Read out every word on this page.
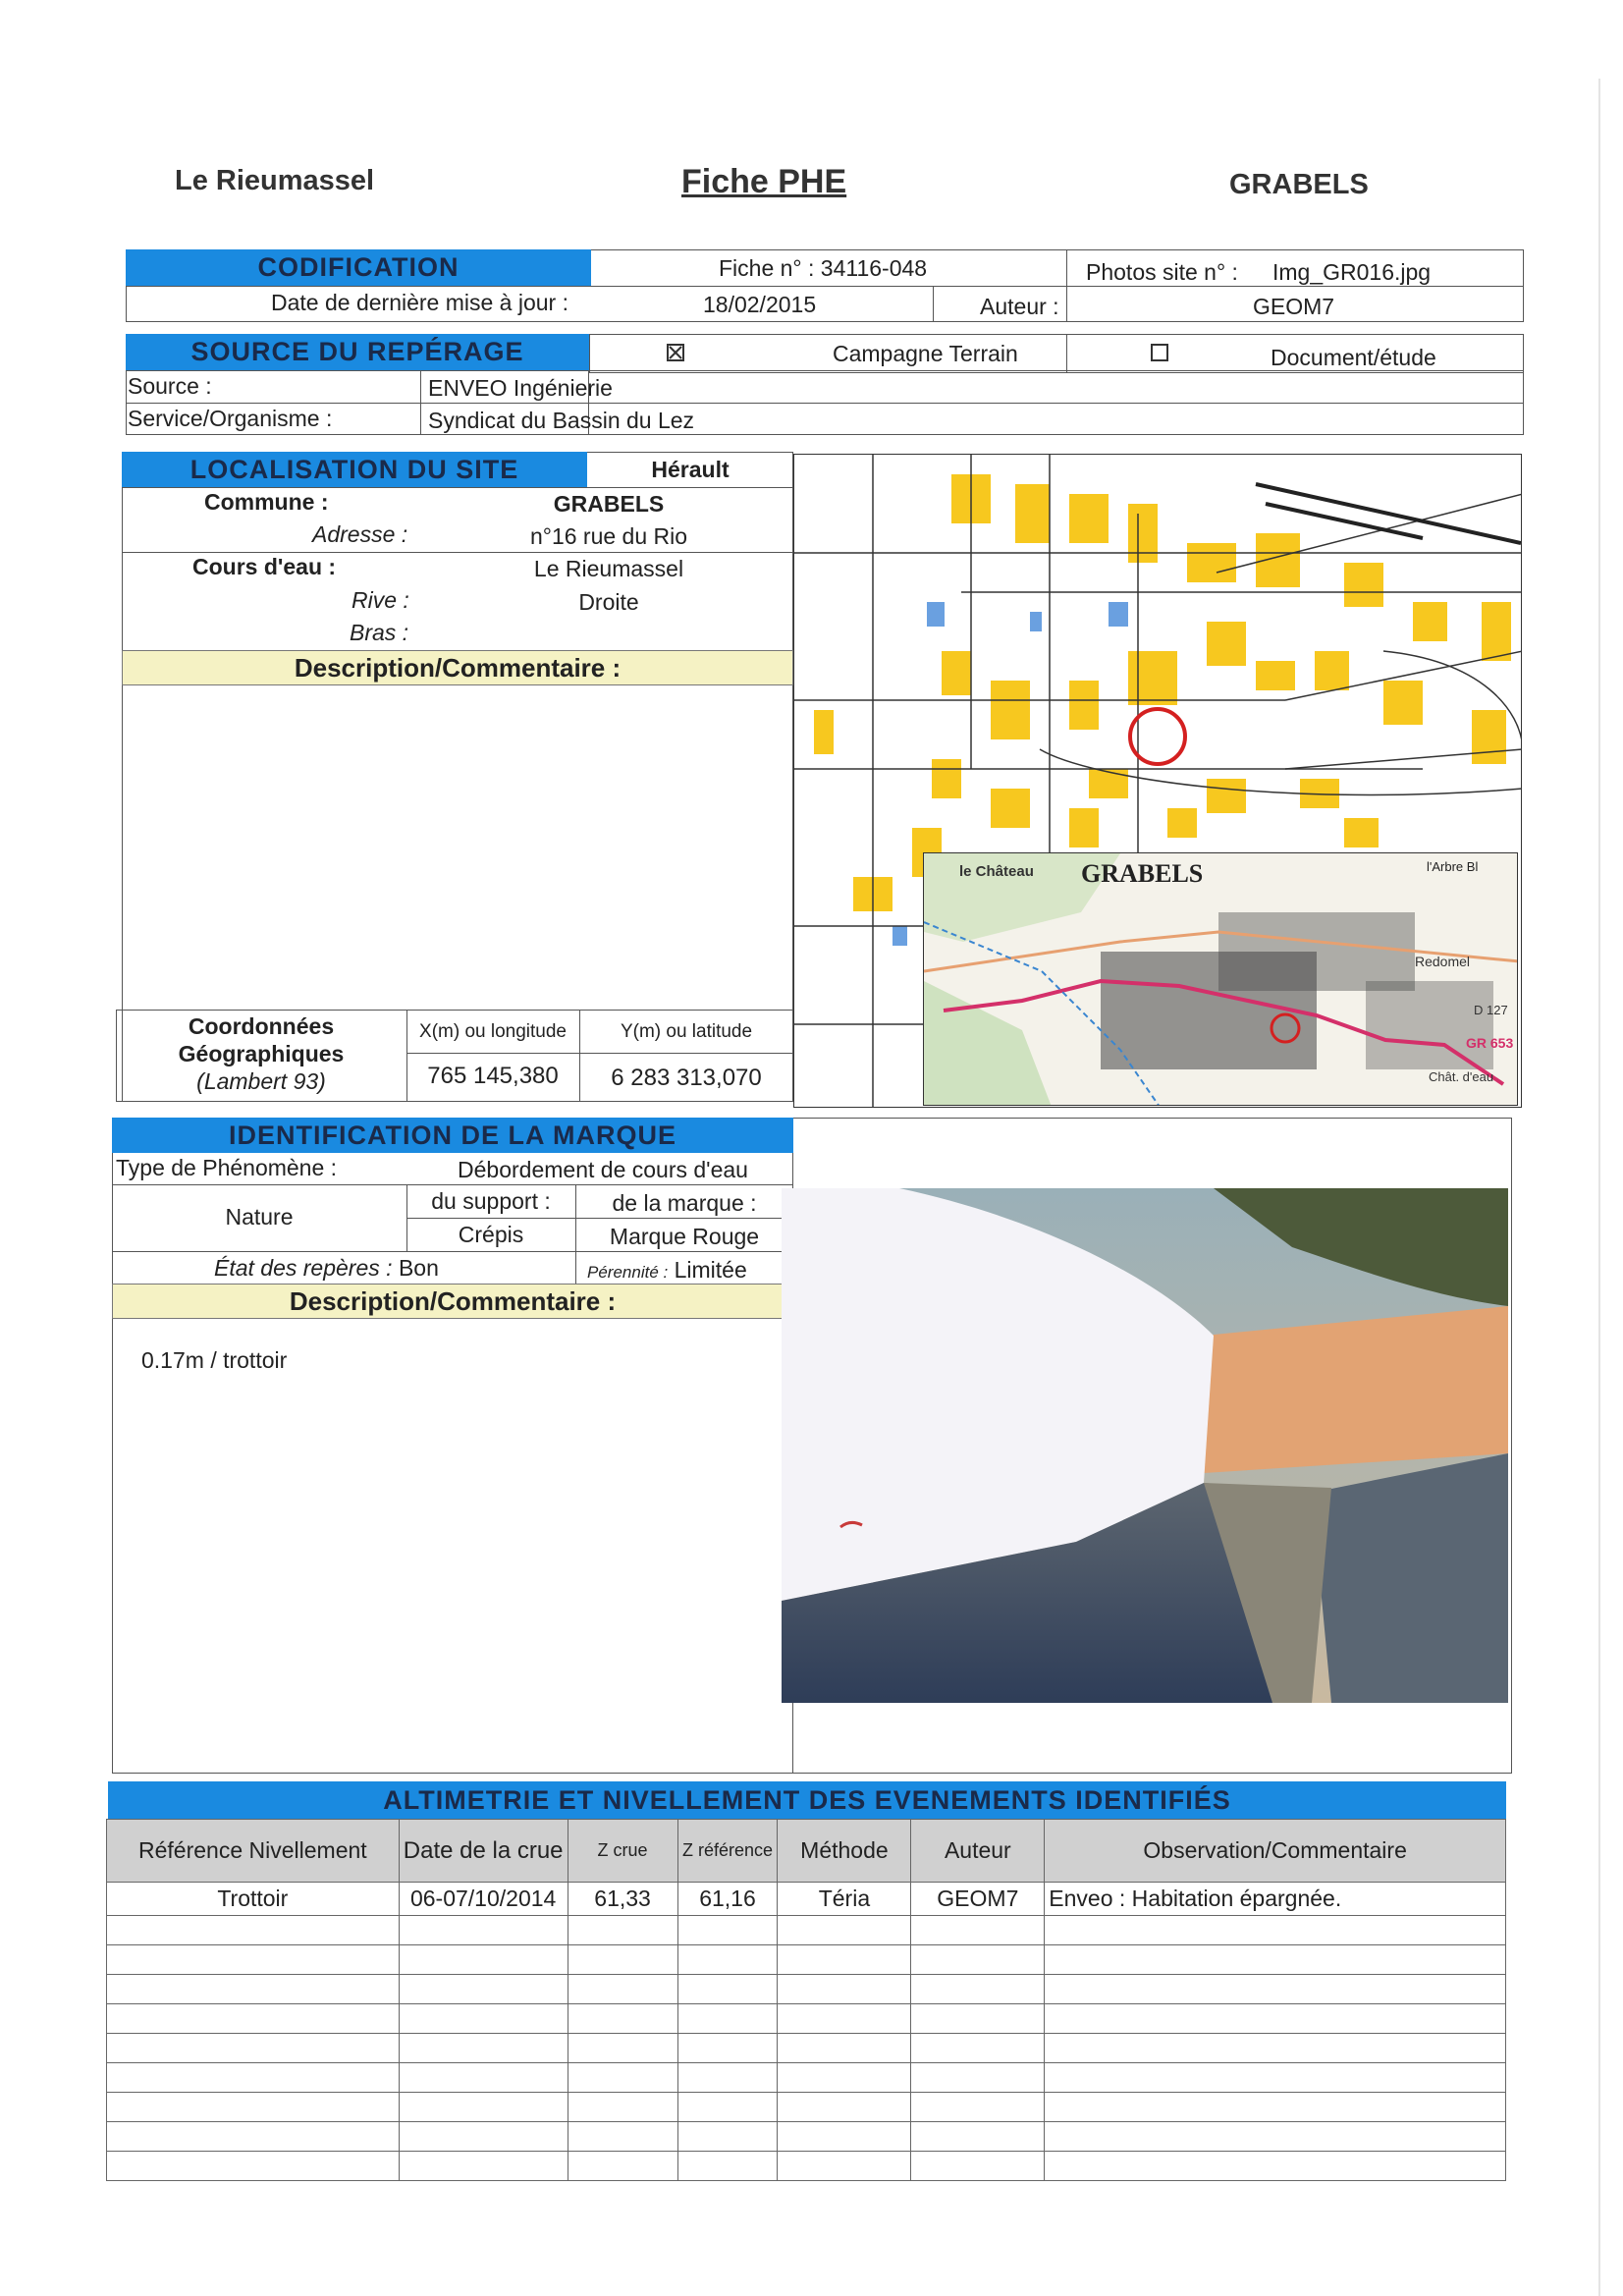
Le Rieumassel	Fiche PHE	GRABELS
CODIFICATION	Fiche n° : 34116-048	Photos site n° : Img_GR016.jpg
Date de dernière mise à jour :	18/02/2015	Auteur :	GEOM7
SOURCE DU REPÉRAGE	Campagne Terrain	Document/étude
Source :	ENVEO Ingénierie
Service/Organisme :	Syndicat du Bassin du Lez
LOCALISATION DU SITE	Hérault
Commune :	GRABELS
Adresse :	n°16 rue du Rio
Cours d'eau :	Le Rieumassel
Rive :	Droite
Bras :
Description/Commentaire :
Coordonnées
Géographiques
(Lambert 93)
X(m) ou longitude	Y(m) ou latitude
765 145,380	6 283 313,070
le Château GRABELS	l'Arbre Bl
Redomel
D 127
GR 653
Chât. d'eau
IDENTIFICATION DE LA MARQUE
Type de Phénomène :	Débordement de cours d'eau
Nature
du support :	de la marque :
Crépis	Marque Rouge
État des repères : Bon	Pérennité : Limitée
Description/Commentaire :
0.17m / trottoir
ALTIMETRIE ET NIVELLEMENT DES EVENEMENTS IDENTIFIÉS
Référence Nivellement	Date de la crue	Z crue	Z référence	Méthode	Auteur	Observation/Commentaire
Trottoir	06-07/10/2014	61,33	61,16	Téria	GEOM7	Enveo : Habitation épargnée.
